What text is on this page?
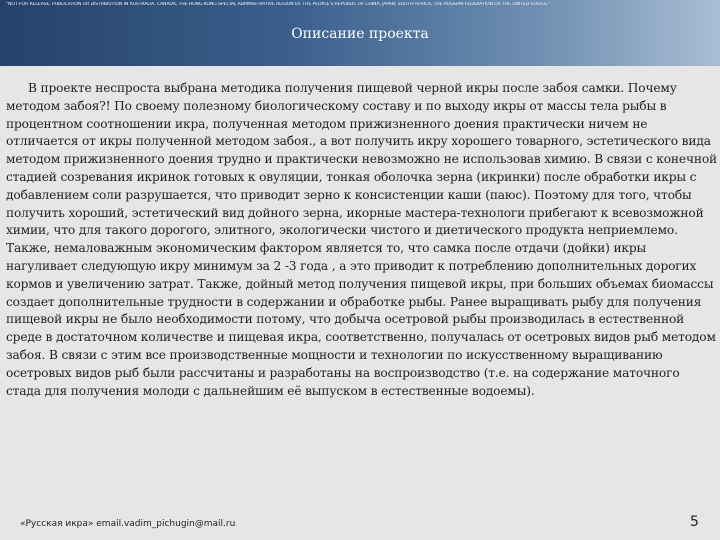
"NOT FOR RELEASE, PUBLICATION OR DISTRIBUTION IN AUSTRALIA, CANADA, THE HONG KONG SPECIAL ADMINISTRATIVE REGION OF THE PEOPLE'S REPUBLIC OF CHINA, JAPAN, SOUTH AFRICA, THE RUSSIAN FEDERATION OR THE UNITED STATES."
Описание проекта

В проекте неспроста выбрана методика получения пищевой черной икры после забоя самки. Почему методом забоя?! По своему полезному биологическому составу и по выходу икры от массы тела рыбы в процентном соотношении икра, полученная методом прижизненного доения практически ничем не отличается от икры полученной методом забоя., а вот получить икру хорошего товарного, эстетического вида методом прижизненного доения трудно и практически невозможно не использовав химию. В связи с конечной стадией созревания икринок готовых к овуляции, тонкая оболочка зерна (икринки) после обработки икры с добавлением соли разрушается, что приводит зерно к консистенции каши (паюс). Поэтому для того, чтобы получить хороший, эстетический вид дойного зерна, икорные мастера-технологи прибегают к всевозможной химии, что для такого дорогого, элитного, экологически чистого и диетического продукта неприемлемо. Также, немаловажным экономическим фактором является то, что самка после отдачи (дойки) икры нагуливает следующую икру минимум за 2 -3 года , а это приводит к потреблению дополнительных дорогих кормов и увеличению затрат. Также, дойный метод получения пищевой икры, при больших объемах биомассы создает дополнительные трудности в содержании и обработке рыбы. Ранее выращивать рыбу для получения пищевой икры не было необходимости потому, что добыча осетровой рыбы производилась в естественной среде в достаточном количестве и пищевая икра, соответственно, получалась от осетровых видов рыб методом забоя. В связи с этим все производственные мощности и технологии по искусственному выращиванию осетровых видов рыб были рассчитаны и разработаны на воспроизводство (т.е. на содержание маточного стада для получения молоди с дальнейшим её выпуском в естественные водоемы).

«Русская икра» email.vadim_pichugin@mail.ru	5
